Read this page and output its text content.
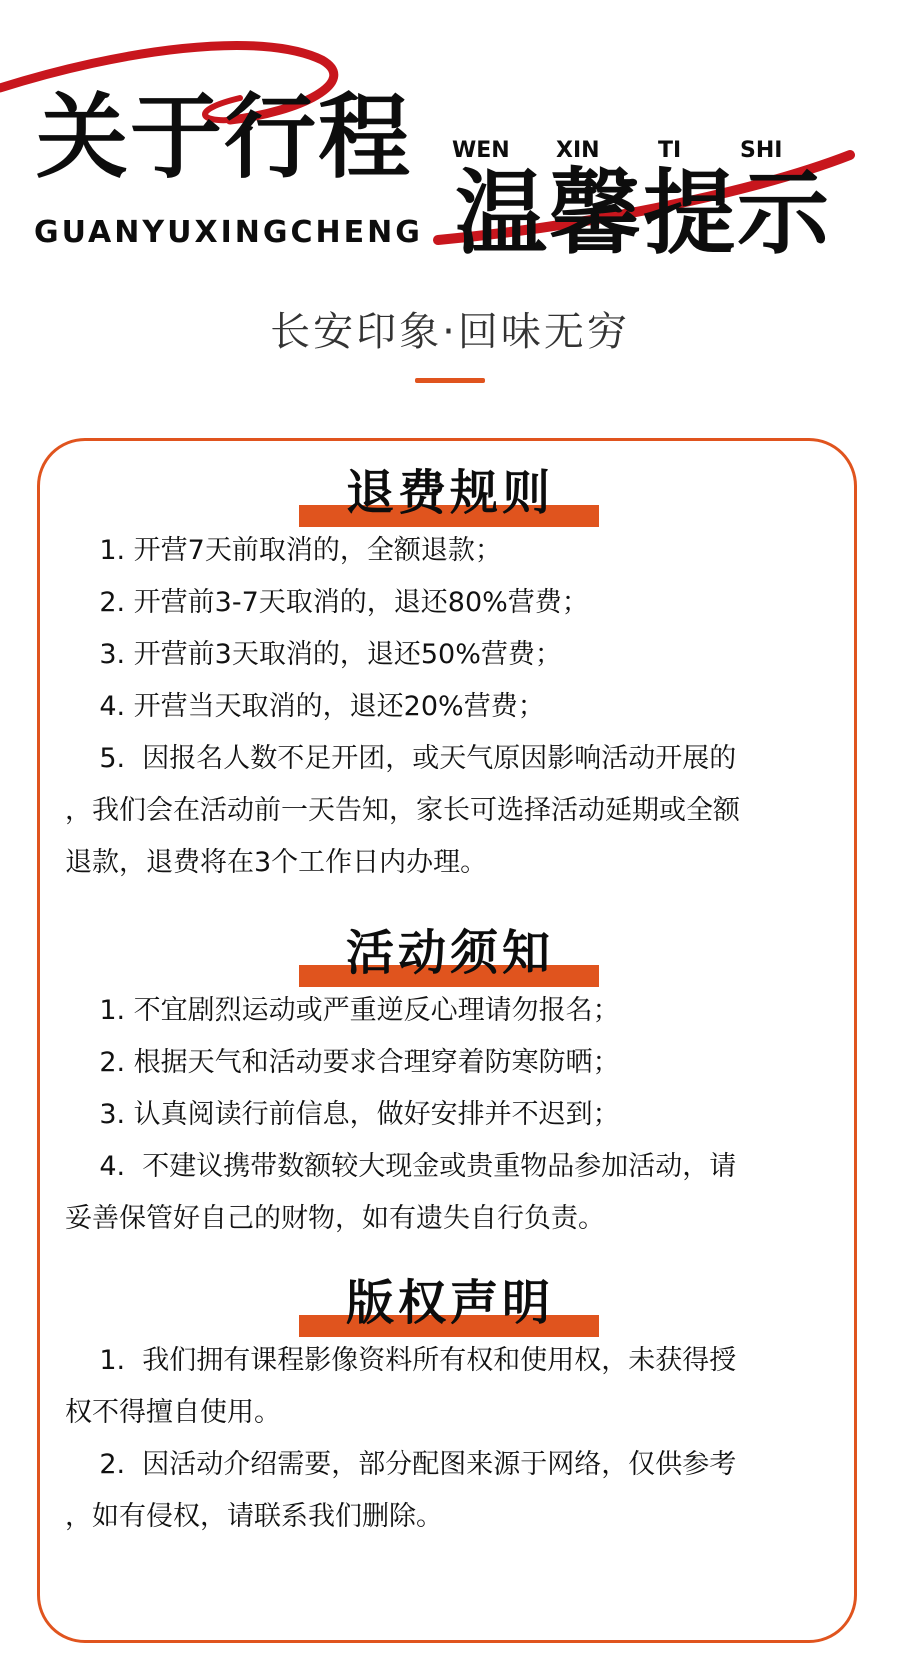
关于行程
GUANYUXINGCHENG
WEN XIN	TI	SHI
温馨提示
长安印象·回味无穷
退费规则

1. 开营7天前取消的，全额退款；
2. 开营前3-7天取消的，退还80%营费；
3. 开营前3天取消的，退还50%营费；
4. 开营当天取消的，退还20%营费；
5.  因报名人数不足开团，或天气原因影响活动开展的
，我们会在活动前一天告知，家长可选择活动延期或全额
退款，退费将在3个工作日内办理。

活动须知

1. 不宜剧烈运动或严重逆反心理请勿报名；
2. 根据天气和活动要求合理穿着防寒防晒；
3. 认真阅读行前信息，做好安排并不迟到；
4.  不建议携带数额较大现金或贵重物品参加活动，请
妥善保管好自己的财物，如有遗失自行负责。

版权声明

1.  我们拥有课程影像资料所有权和使用权，未获得授
权不得擅自使用。
2.  因活动介绍需要，部分配图来源于网络，仅供参考
，如有侵权，请联系我们删除。
